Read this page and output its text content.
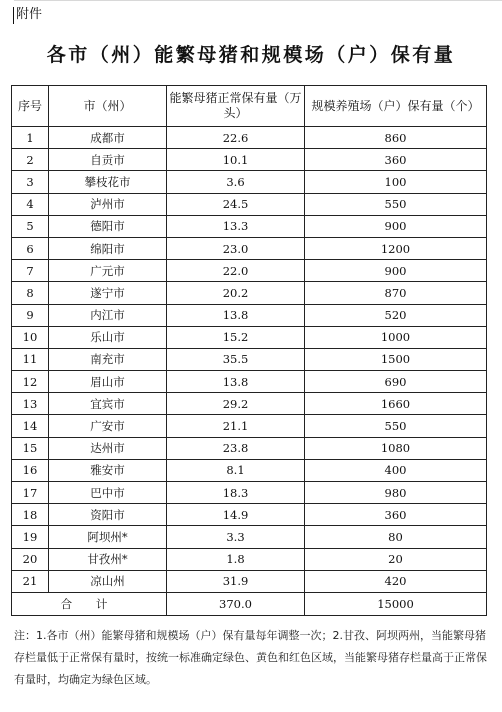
附件
各市（州）能繁母猪和规模场（户）保有量
序号	市（州）	能繁母猪正常保有量（万头）	规模养殖场（户）保有量（个）
1	成都市	22.6	860
2	自贡市	10.1	360
3	攀枝花市	3.6	100
4	泸州市	24.5	550
5	德阳市	13.3	900
6	绵阳市	23.0	1200
7	广元市	22.0	900
8	遂宁市	20.2	870
9	内江市	13.8	520
10	乐山市	15.2	1000
11	南充市	35.5	1500
12	眉山市	13.8	690
13	宜宾市	29.2	1660
14	广安市	21.1	550
15	达州市	23.8	1080
16	雅安市	8.1	400
17	巴中市	18.3	980
18	资阳市	14.9	360
19	阿坝州*	3.3	80
20	甘孜州*	1.8	20
21	凉山州	31.9	420
合 计		370.0	15000
注：1.各市（州）能繁母猪和规模场（户）保有量每年调整一次；2.甘孜、阿坝两州，当能繁母猪存栏量低于正常保有量时，按统一标准确定绿色、黄色和红色区域，当能繁母猪存栏量高于正常保有量时，均确定为绿色区域。
